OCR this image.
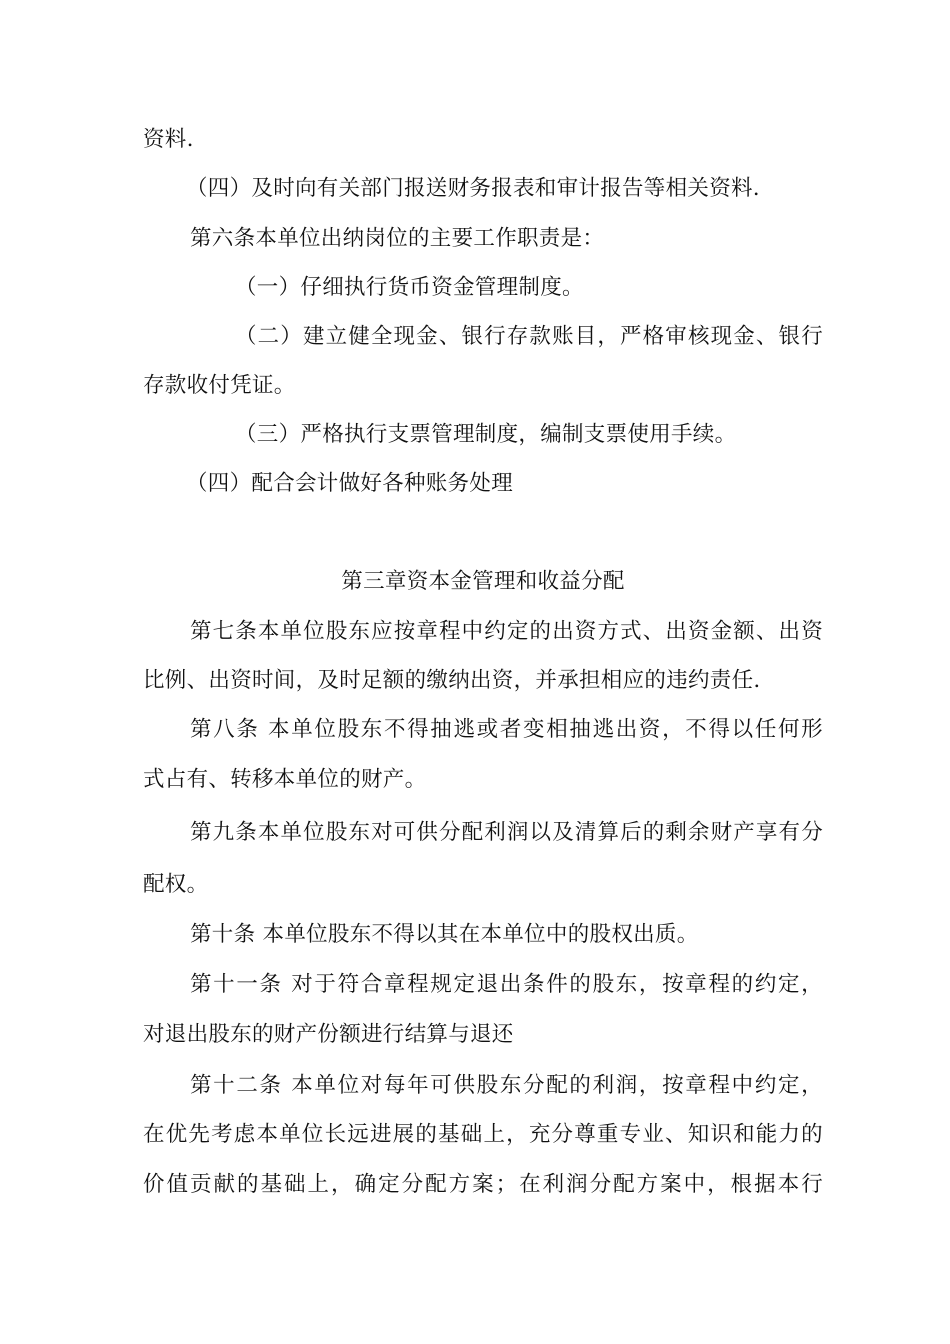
资料.
（四）及时向有关部门报送财务报表和审计报告等相关资料.
第六条本单位出纳岗位的主要工作职责是：
（一）仔细执行货币资金管理制度。
（二）建立健全现金、银行存款账目，严格审核现金、银行
存款收付凭证。
（三）严格执行支票管理制度，编制支票使用手续。
（四）配合会计做好各种账务处理
第三章资本金管理和收益分配
第七条本单位股东应按章程中约定的出资方式、出资金额、出资
比例、出资时间，及时足额的缴纳出资，并承担相应的违约责任.
第八条 本单位股东不得抽逃或者变相抽逃出资，不得以任何形
式占有、转移本单位的财产。
第九条本单位股东对可供分配利润以及清算后的剩余财产享有分
配权。
第十条 本单位股东不得以其在本单位中的股权出质。
第十一条 对于符合章程规定退出条件的股东，按章程的约定，
对退出股东的财产份额进行结算与退还
第十二条 本单位对每年可供股东分配的利润，按章程中约定，
在优先考虑本单位长远进展的基础上，充分尊重专业、知识和能力的
价值贡献的基础上，确定分配方案；在利润分配方案中，根据本行
